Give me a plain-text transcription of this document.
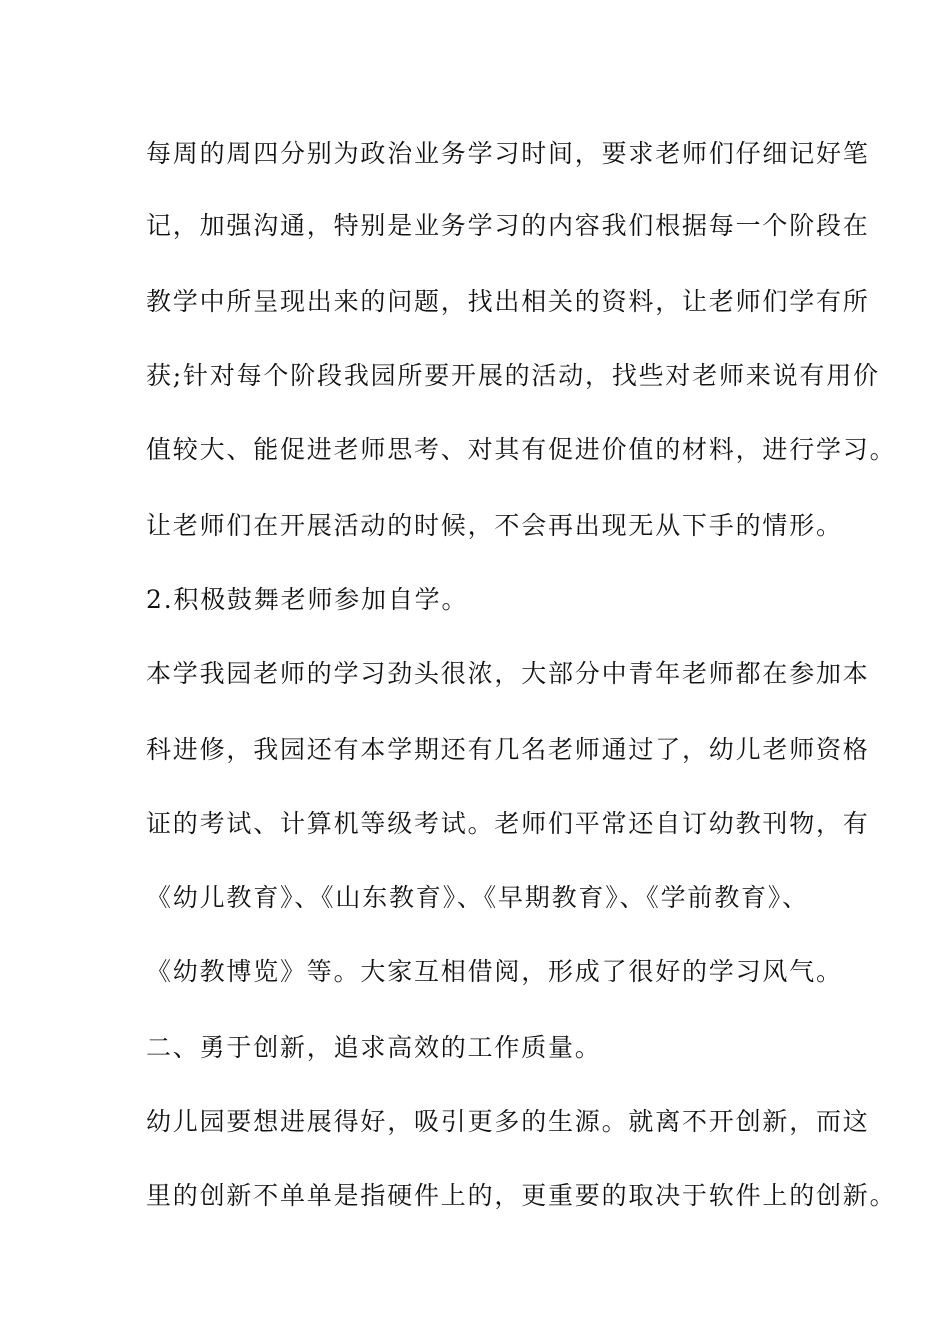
每周的周四分别为政治业务学习时间，要求老师们仔细记好笔
记，加强沟通，特别是业务学习的内容我们根据每一个阶段在
教学中所呈现出来的问题，找出相关的资料，让老师们学有所
获;针对每个阶段我园所要开展的活动，找些对老师来说有用价
值较大、能促进老师思考、对其有促进价值的材料，进行学习。
让老师们在开展活动的时候，不会再出现无从下手的情形。
2.积极鼓舞老师参加自学。
本学我园老师的学习劲头很浓，大部分中青年老师都在参加本
科进修，我园还有本学期还有几名老师通过了，幼儿老师资格
证的考试、计算机等级考试。老师们平常还自订幼教刊物，有
《幼儿教育》、《山东教育》、《早期教育》、《学前教育》、
《幼教博览》等。大家互相借阅，形成了很好的学习风气。
二、勇于创新，追求高效的工作质量。
幼儿园要想进展得好，吸引更多的生源。就离不开创新，而这
里的创新不单单是指硬件上的，更重要的取决于软件上的创新。
